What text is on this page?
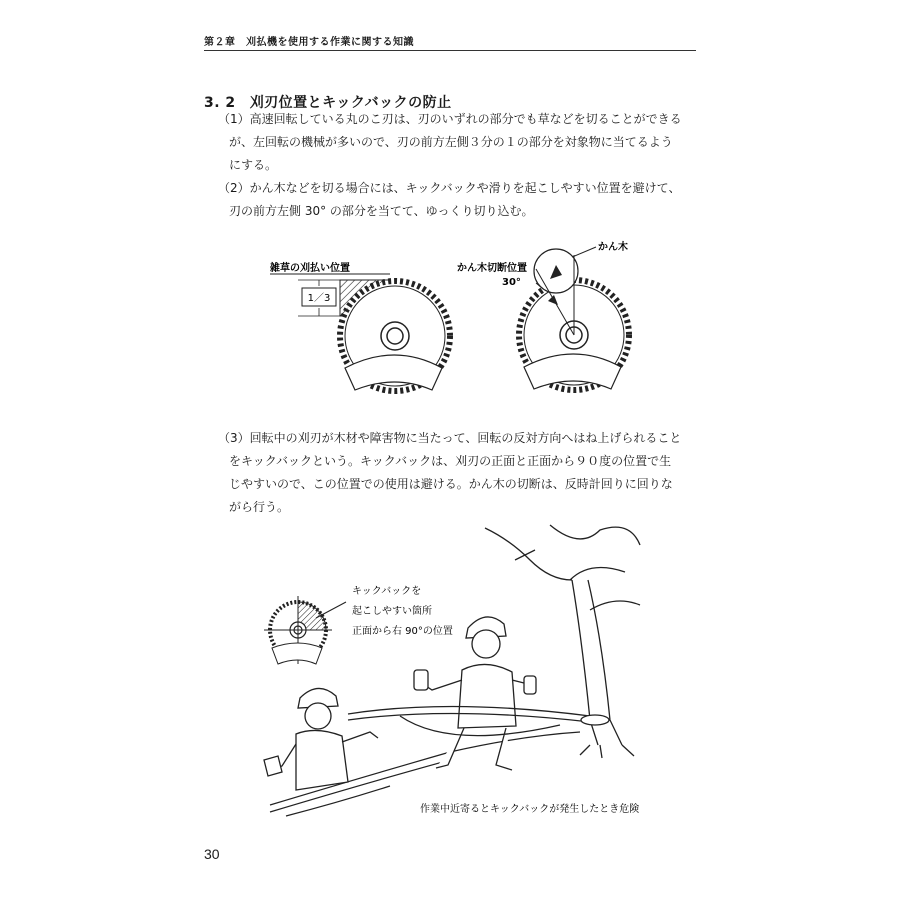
第２章　刈払機を使用する作業に関する知識
3. 2 刈刃位置とキックバックの防止
（1）高速回転している丸のこ刃は、刃のいずれの部分でも草などを切ることができる
が、左回転の機械が多いので、刃の前方左側３分の１の部分を対象物に当てるよう
にする。
（2）かん木などを切る場合には、キックバックや滑りを起こしやすい位置を避けて、
刃の前方左側 30° の部分を当てて、ゆっくり切り込む。
雑草の刈払い位置
1／3
かん木切断位置
かん木
30°
（3）回転中の刈刃が木材や障害物に当たって、回転の反対方向へはね上げられること
をキックバックという。キックバックは、刈刃の正面と正面から９０度の位置で生
じやすいので、この位置での使用は避ける。かん木の切断は、反時計回りに回りな
がら行う。
キックバックを
起こしやすい箇所
正面から右 90°の位置
作業中近寄るとキックバックが発生したとき危険
30
